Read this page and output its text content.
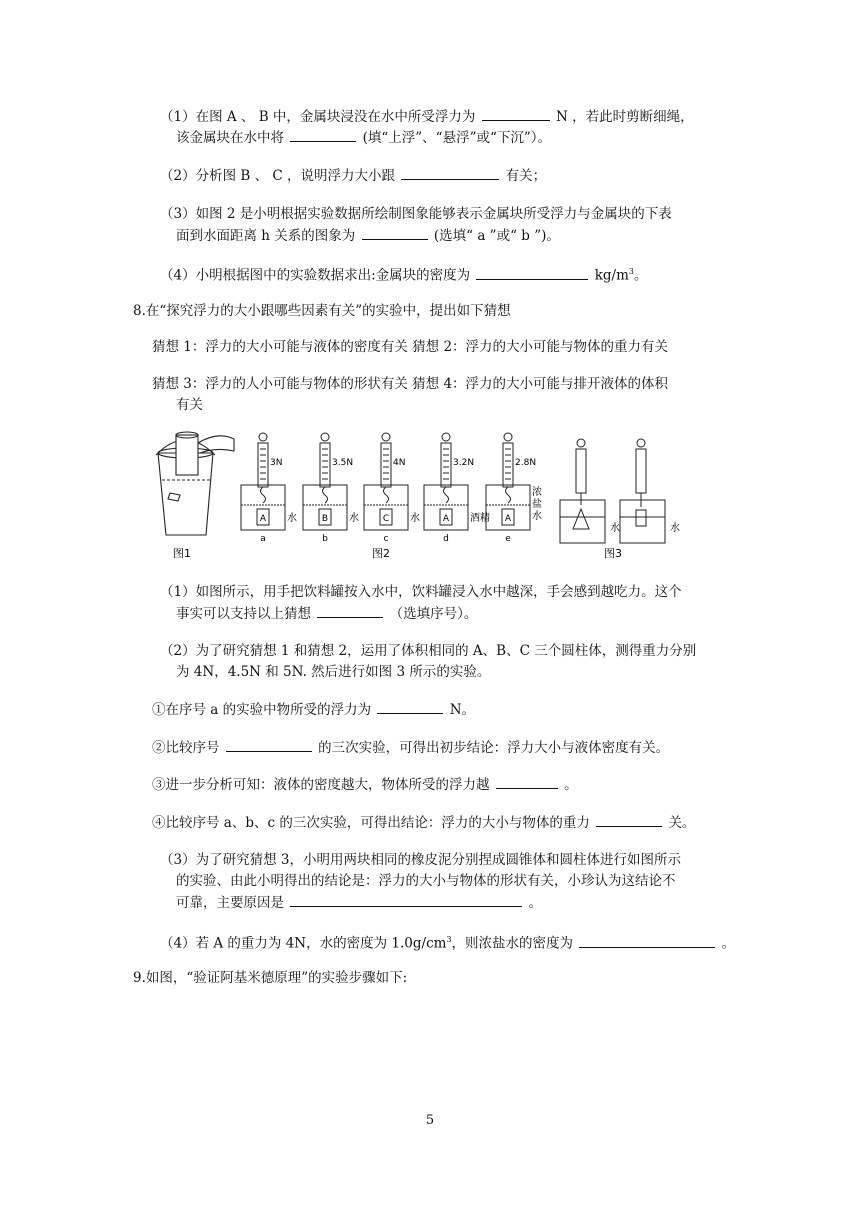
（1）在图 A 、 B 中，金属块浸没在水中所受浮力为	N ，若此时剪断细绳，
该金属块在水中将	(填“上浮”、“悬浮”或“下沉”）。
（2）分析图 B 、 C ，说明浮力大小跟	有关；
（3）如图 2 是小明根据实验数据所绘制图象能够表示金属块所受浮力与金属块的下表
面到水面距离 h 关系的图象为	(选填“ a ”或“ b ”)。
（4）小明根据图中的实验数据求出:金属块的密度为	$kg/m^3$。
8.在“探究浮力的大小跟哪些因素有关”的实验中，提出如下猜想
猜想 1：浮力的大小可能与液体的密度有关 猜想 2：浮力的大小可能与物体的重力有关
猜想 3：浮力的人小可能与物体的形状有关 猜想 4：浮力的大小可能与排开液体的体积
有关
图1
3N
A
a
水
3.5N
B
b
水
4N
C
c
水
3.2N
A
d
酒精
2.8N
A
e
浓
盐
水
图2
水	水
图3
（1）如图所示，用手把饮料罐按入水中，饮料罐浸入水中越深，手会感到越吃力。这个
事实可以支持以上猜想	（选填序号）。
（2）为了研究猜想 1 和猜想 2，运用了体积相同的 A、B、C 三个圆柱体，测得重力分别
为 4N，4.5N 和 5N. 然后进行如图 3 所示的实验。
①在序号 a 的实验中物所受的浮力为	N。
②比较序号	的三次实验，可得出初步结论：浮力大小与液体密度有关。
③进一步分析可知：液体的密度越大，物体所受的浮力越	。
④比较序号 a、b、c 的三次实验，可得出结论：浮力的大小与物体的重力	关。
（3）为了研究猜想 3，小明用两块相同的橡皮泥分别捏成圆锥体和圆柱体进行如图所示
的实验、由此小明得出的结论是：浮力的大小与物体的形状有关，小珍认为这结论不
可靠，主要原因是	。
（4）若 A 的重力为 4N，水的密度为 $1.0g/cm^3$，则浓盐水的密度为	。
9.如图，“验证阿基米德原理”的实验步骤如下:
5
